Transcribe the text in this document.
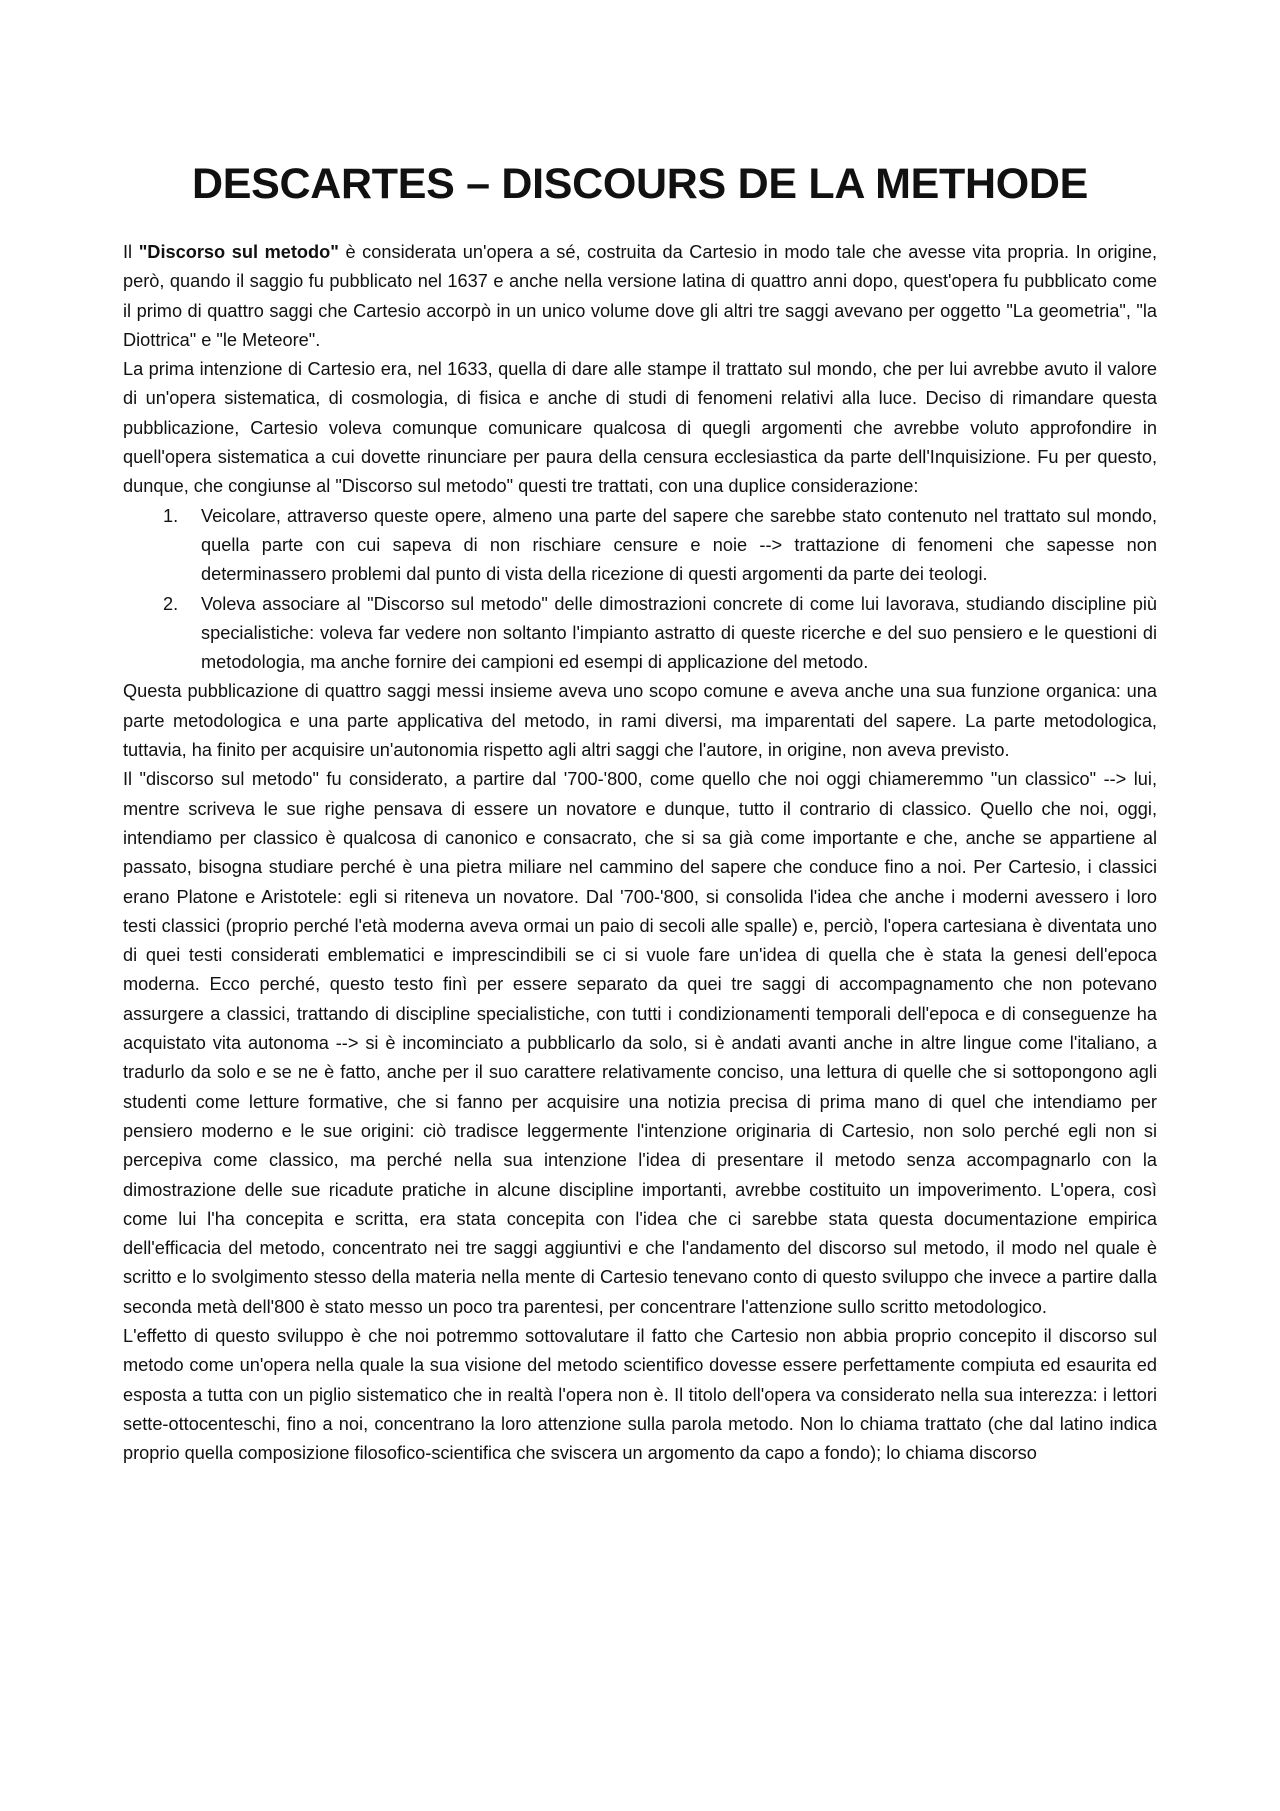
DESCARTES – DISCOURS DE LA METHODE

Il "Discorso sul metodo" è considerata un'opera a sé, costruita da Cartesio in modo tale che avesse vita propria. In origine, però, quando il saggio fu pubblicato nel 1637 e anche nella versione latina di quattro anni dopo, quest'opera fu pubblicato come il primo di quattro saggi che Cartesio accorpò in un unico volume dove gli altri tre saggi avevano per oggetto "La geometria", "la Diottrica" e "le Meteore".

La prima intenzione di Cartesio era, nel 1633, quella di dare alle stampe il trattato sul mondo, che per lui avrebbe avuto il valore di un'opera sistematica, di cosmologia, di fisica e anche di studi di fenomeni relativi alla luce. Deciso di rimandare questa pubblicazione, Cartesio voleva comunque comunicare qualcosa di quegli argomenti che avrebbe voluto approfondire in quell'opera sistematica a cui dovette rinunciare per paura della censura ecclesiastica da parte dell'Inquisizione. Fu per questo, dunque, che congiunse al "Discorso sul metodo" questi tre trattati, con una duplice considerazione:

1. Veicolare, attraverso queste opere, almeno una parte del sapere che sarebbe stato contenuto nel trattato sul mondo, quella parte con cui sapeva di non rischiare censure e noie --> trattazione di fenomeni che sapesse non determinassero problemi dal punto di vista della ricezione di questi argomenti da parte dei teologi.
2. Voleva associare al "Discorso sul metodo" delle dimostrazioni concrete di come lui lavorava, studiando discipline più specialistiche: voleva far vedere non soltanto l'impianto astratto di queste ricerche e del suo pensiero e le questioni di metodologia, ma anche fornire dei campioni ed esempi di applicazione del metodo.

Questa pubblicazione di quattro saggi messi insieme aveva uno scopo comune e aveva anche una sua funzione organica: una parte metodologica e una parte applicativa del metodo, in rami diversi, ma imparentati del sapere. La parte metodologica, tuttavia, ha finito per acquisire un'autonomia rispetto agli altri saggi che l'autore, in origine, non aveva previsto.

Il "discorso sul metodo" fu considerato, a partire dal '700-'800, come quello che noi oggi chiameremmo "un classico" --> lui, mentre scriveva le sue righe pensava di essere un novatore e dunque, tutto il contrario di classico. Quello che noi, oggi, intendiamo per classico è qualcosa di canonico e consacrato, che si sa già come importante e che, anche se appartiene al passato, bisogna studiare perché è una pietra miliare nel cammino del sapere che conduce fino a noi. Per Cartesio, i classici erano Platone e Aristotele: egli si riteneva un novatore. Dal '700-'800, si consolida l'idea che anche i moderni avessero i loro testi classici (proprio perché l'età moderna aveva ormai un paio di secoli alle spalle) e, perciò, l'opera cartesiana è diventata uno di quei testi considerati emblematici e imprescindibili se ci si vuole fare un'idea di quella che è stata la genesi dell'epoca moderna. Ecco perché, questo testo finì per essere separato da quei tre saggi di accompagnamento che non potevano assurgere a classici, trattando di discipline specialistiche, con tutti i condizionamenti temporali dell'epoca e di conseguenze ha acquistato vita autonoma --> si è incominciato a pubblicarlo da solo, si è andati avanti anche in altre lingue come l'italiano, a tradurlo da solo e se ne è fatto, anche per il suo carattere relativamente conciso, una lettura di quelle che si sottopongono agli studenti come letture formative, che si fanno per acquisire una notizia precisa di prima mano di quel che intendiamo per pensiero moderno e le sue origini: ciò tradisce leggermente l'intenzione originaria di Cartesio, non solo perché egli non si percepiva come classico, ma perché nella sua intenzione l'idea di presentare il metodo senza accompagnarlo con la dimostrazione delle sue ricadute pratiche in alcune discipline importanti, avrebbe costituito un impoverimento. L'opera, così come lui l'ha concepita e scritta, era stata concepita con l'idea che ci sarebbe stata questa documentazione empirica dell'efficacia del metodo, concentrato nei tre saggi aggiuntivi e che l'andamento del discorso sul metodo, il modo nel quale è scritto e lo svolgimento stesso della materia nella mente di Cartesio tenevano conto di questo sviluppo che invece a partire dalla seconda metà dell'800 è stato messo un poco tra parentesi, per concentrare l'attenzione sullo scritto metodologico.

L'effetto di questo sviluppo è che noi potremmo sottovalutare il fatto che Cartesio non abbia proprio concepito il discorso sul metodo come un'opera nella quale la sua visione del metodo scientifico dovesse essere perfettamente compiuta ed esaurita ed esposta a tutta con un piglio sistematico che in realtà l'opera non è. Il titolo dell'opera va considerato nella sua interezza: i lettori sette-ottocenteschi, fino a noi, concentrano la loro attenzione sulla parola metodo. Non lo chiama trattato (che dal latino indica proprio quella composizione filosofico-scientifica che sviscera un argomento da capo a fondo); lo chiama discorso
